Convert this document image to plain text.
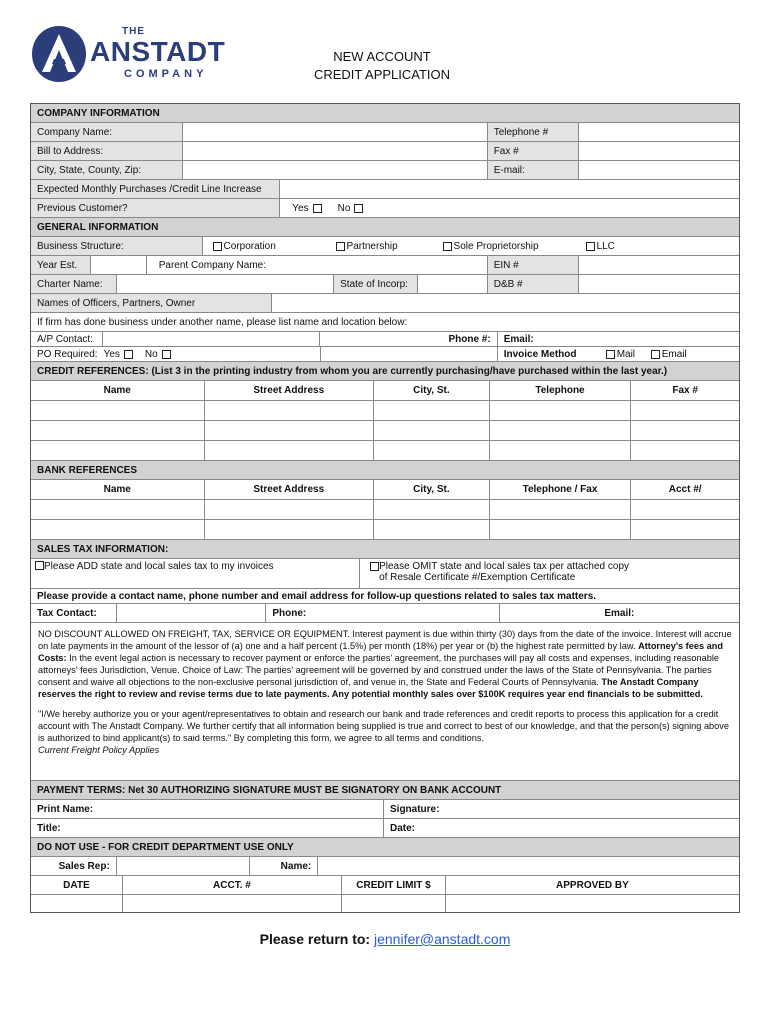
THE
ANSTADT
COMPANY
NEW ACCOUNT
CREDIT APPLICATION
COMPANY INFORMATION
Company Name:	Telephone #
Bill to Address:	Fax #
City, State, County, Zip:	E-mail:
Expected Monthly Purchases /Credit Line Increase
Previous Customer?	Yes	No
GENERAL INFORMATION
Business Structure:	Corporation	Partnership	Sole Proprietorship	LLC
Year Est.	Parent Company Name:	EIN #
Charter Name:	State of Incorp:	D&B #
Names of Officers, Partners, Owner
If firm has done business under another name, please list name and location below:
A/P Contact:	Phone #:	Email:
PO Required: Yes	No	Invoice Method	Mail	Email
CREDIT REFERENCES: (List 3 in the printing industry from whom you are currently purchasing/have purchased within the last year.)
Name	Street Address	City, St.	Telephone	Fax #
BANK REFERENCES
Name	Street Address	City, St.	Telephone / Fax	Acct #/
SALES TAX INFORMATION:
Please ADD state and local sales tax to my invoices	Please OMIT state and local sales tax per attached copy
of Resale Certificate #/Exemption Certificate
Please provide a contact name, phone number and email address for follow-up questions related to sales tax matters.
Tax Contact:	Phone:	Email:

NO DISCOUNT ALLOWED ON FREIGHT, TAX, SERVICE OR EQUIPMENT. Interest payment is due within thirty (30) days from the date of the invoice. Interest will accrue on late payments in the amount of the lessor of (a) one and a half percent (1.5%) per month (18%) per year or (b) the highest rate permitted by law. Attorney's fees and Costs: In the event legal action is necessary to recover payment or enforce the parties' agreement, the purchases will pay all costs and expenses, including reasonable attorneys' fees Jurisdiction, Venue. Choice of Law: The parties' agreement will be governed by and construed under the laws of the State of Pennsylvania. The parties consent and waive all objections to the non-exclusive personal jurisdiction of, and venue in, the State and Federal Courts of Pennsylvania. The Anstadt Company reserves the right to review and revise terms due to late payments. Any potential monthly sales over $100K requires year end financials to be submitted.

"I/We hereby authorize you or your agent/representatives to obtain and research our bank and trade references and credit reports to process this application for a credit account with The Anstadt Company. We further certify that all information being supplied is true and correct to best of our knowledge, and that the person(s) signing above is authorized to bind applicant(s) to said terms." By completing this form, we agree to all terms and conditions.
Current Freight Policy Applies

PAYMENT TERMS: Net 30 AUTHORIZING SIGNATURE MUST BE SIGNATORY ON BANK ACCOUNT
Print Name:	Signature:
Title:	Date:
DO NOT USE - FOR CREDIT DEPARTMENT USE ONLY
Sales Rep:	Name:
DATE	ACCT. #	CREDIT LIMIT $	APPROVED BY
Please return to: jennifer@anstadt.com
